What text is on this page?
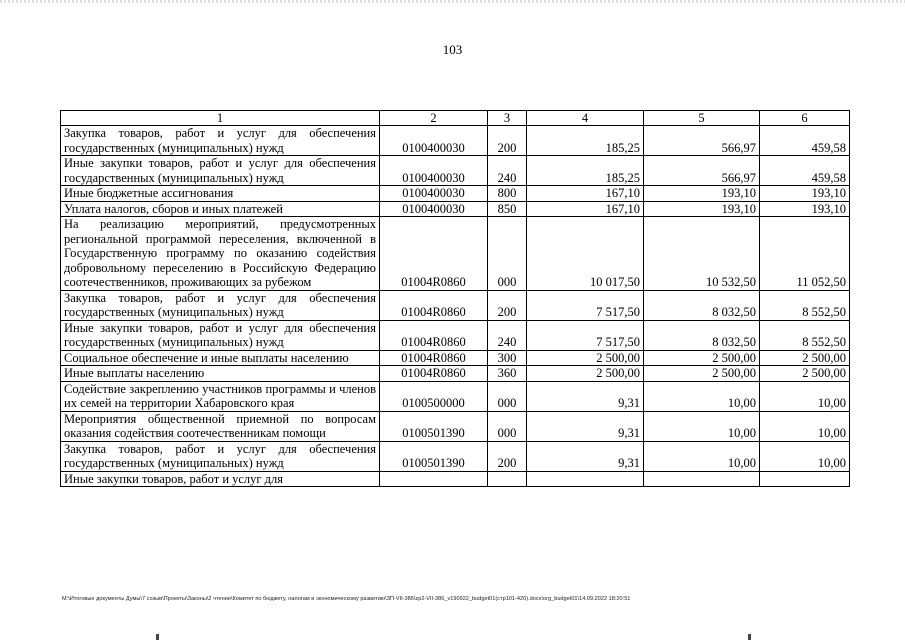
103
1	2	3	4	5	6
Закупка товаров, работ и услуг для обеспечения государственных (муниципальных) нужд	0100400030	200	185,25	566,97	459,58
Иные закупки товаров, работ и услуг для обеспечения государственных (муниципальных) нужд	0100400030	240	185,25	566,97	459,58
Иные бюджетные ассигнования	0100400030	800	167,10	193,10	193,10
Уплата налогов, сборов и иных платежей	0100400030	850	167,10	193,10	193,10
На реализацию мероприятий, предусмотренных региональной программой переселения, включенной в Государственную программу по оказанию содействия добровольному переселению в Российскую Федерацию соотечественников, проживающих за рубежом	01004R0860	000	10 017,50	10 532,50	11 052,50
Закупка товаров, работ и услуг для обеспечения государственных (муниципальных) нужд	01004R0860	200	7 517,50	8 032,50	8 552,50
Иные закупки товаров, работ и услуг для обеспечения государственных (муниципальных) нужд	01004R0860	240	7 517,50	8 032,50	8 552,50
Социальное обеспечение и иные выплаты населению	01004R0860	300	2 500,00	2 500,00	2 500,00
Иные выплаты населению	01004R0860	360	2 500,00	2 500,00	2 500,00
Содействие закреплению участников программы и членов их семей на территории Хабаровского края	0100500000	000	9,31	10,00	10,00
Мероприятия общественной приемной по вопросам оказания содействия соотечественникам помощи	0100501390	000	9,31	10,00	10,00
Закупка товаров, работ и услуг для обеспечения государственных (муниципальных) нужд	0100501390	200	9,31	10,00	10,00
Иные закупки товаров, работ и услуг для					
M:\Итоговые документы Думы\7 созыв\Проекты\Законы\2 чтение\Комитет по бюджету, налогам и экономическому развитию\ЗП-VII-386\zp2-VII-386_v190922_budget01(стр101-420).docx\org_budget01\14.09.2022 18:20:51
